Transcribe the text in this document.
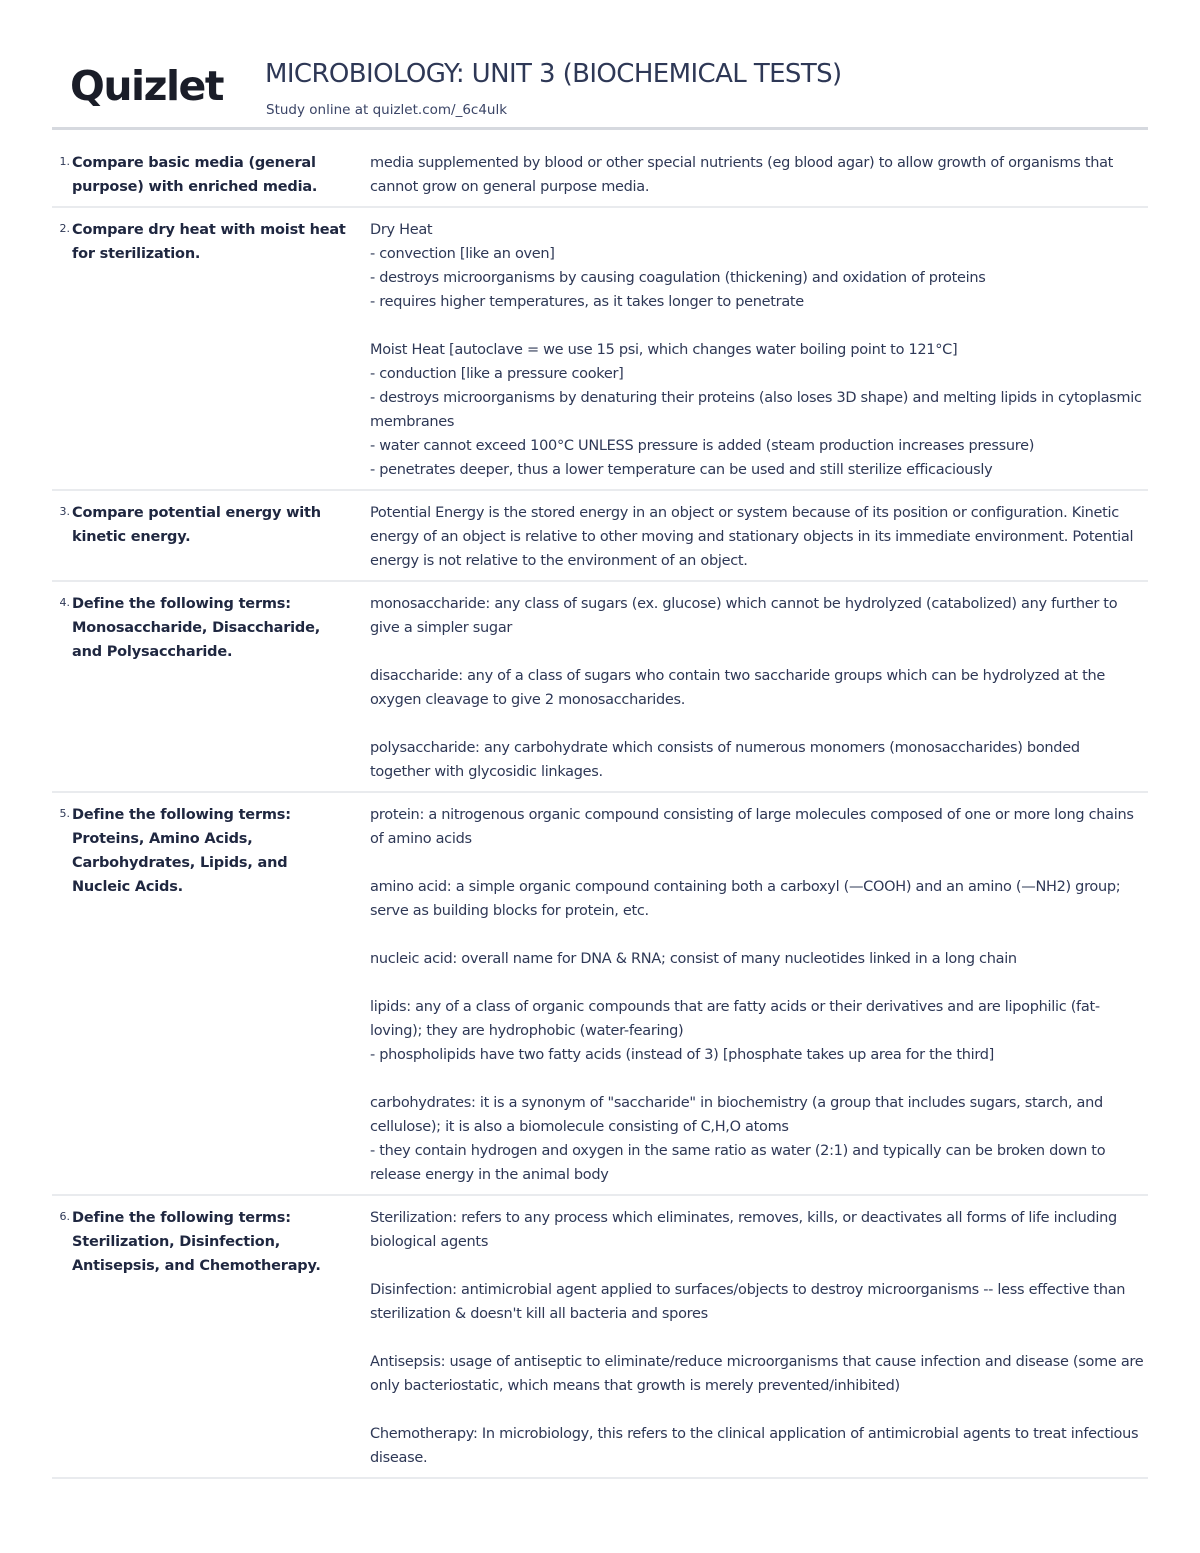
Quizlet MICROBIOLOGY: UNIT 3 (BIOCHEMICAL TESTS)
Study online at quizlet.com/_6c4ulk
1. Compare basic media (general purpose) with enriched media.

media supplemented by blood or other special nutrients (eg blood agar) to allow growth of organisms that cannot grow on general purpose media.

2. Compare dry heat with moist heat for sterilization.

Dry Heat

- convection [like an oven]

- destroys microorganisms by causing coagulation (thickening) and oxidation of proteins

- requires higher temperatures, as it takes longer to penetrate

Moist Heat [autoclave = we use 15 psi, which changes water boiling point to 121°C]

- conduction [like a pressure cooker]

- destroys microorganisms by denaturing their proteins (also loses 3D shape) and melting lipids in cytoplasmic membranes

- water cannot exceed 100°C UNLESS pressure is added (steam production increases pressure)

- penetrates deeper, thus a lower temperature can be used and still sterilize efficaciously

3. Compare potential energy with kinetic energy.

Potential Energy is the stored energy in an object or system because of its position or configuration. Kinetic energy of an object is relative to other moving and stationary objects in its immediate environment. Potential energy is not relative to the environment of an object.

4. Define the following terms: Monosaccharide, Disaccharide, and Polysaccharide.

monosaccharide: any class of sugars (ex. glucose) which cannot be hydrolyzed (catabolized) any further to give a simpler sugar

disaccharide: any of a class of sugars who contain two saccharide groups which can be hydrolyzed at the oxygen cleavage to give 2 monosaccharides.

polysaccharide: any carbohydrate which consists of numerous monomers (monosaccharides) bonded together with glycosidic linkages.

5. Define the following terms: Proteins, Amino Acids, Carbohydrates, Lipids, and Nucleic Acids.

protein: a nitrogenous organic compound consisting of large molecules composed of one or more long chains of amino acids

amino acid: a simple organic compound containing both a carboxyl (—COOH) and an amino (—NH2) group; serve as building blocks for protein, etc.

nucleic acid: overall name for DNA & RNA; consist of many nucleotides linked in a long chain

lipids: any of a class of organic compounds that are fatty acids or their derivatives and are lipophilic (fat-loving); they are hydrophobic (water-fearing)

- phospholipids have two fatty acids (instead of 3) [phosphate takes up area for the third]

carbohydrates: it is a synonym of "saccharide" in biochemistry (a group that includes sugars, starch, and cellulose); it is also a biomolecule consisting of C,H,O atoms

- they contain hydrogen and oxygen in the same ratio as water (2:1) and typically can be broken down to release energy in the animal body

6. Define the following terms: Sterilization, Disinfection, Antisepsis, and Chemotherapy.

Sterilization: refers to any process which eliminates, removes, kills, or deactivates all forms of life including biological agents

Disinfection: antimicrobial agent applied to surfaces/objects to destroy microorganisms -- less effective than sterilization & doesn't kill all bacteria and spores

Antisepsis: usage of antiseptic to eliminate/reduce microorganisms that cause infection and disease (some are only bacteriostatic, which means that growth is merely prevented/inhibited)

Chemotherapy: In microbiology, this refers to the clinical application of antimicrobial agents to treat infectious disease.
